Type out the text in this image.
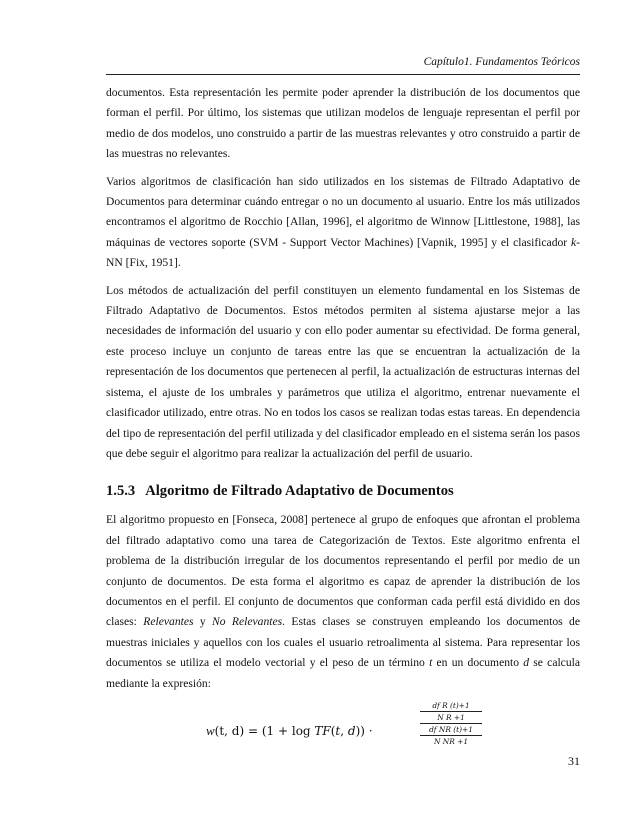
Capítulo1. Fundamentos Teóricos

documentos. Esta representación les permite poder aprender la distribución de los documentos que forman el perfil. Por último, los sistemas que utilizan modelos de lenguaje representan el perfil por medio de dos modelos, uno construido a partir de las muestras relevantes y otro construido a partir de las muestras no relevantes.

Varios algoritmos de clasificación han sido utilizados en los sistemas de Filtrado Adaptativo de Documentos para determinar cuándo entregar o no un documento al usuario. Entre los más utilizados encontramos el algoritmo de Rocchio [Allan, 1996], el algoritmo de Winnow [Littlestone, 1988], las máquinas de vectores soporte (SVM - Support Vector Machines) [Vapnik, 1995] y el clasificador k-NN [Fix, 1951].

Los métodos de actualización del perfil constituyen un elemento fundamental en los Sistemas de Filtrado Adaptativo de Documentos. Estos métodos permiten al sistema ajustarse mejor a las necesidades de información del usuario y con ello poder aumentar su efectividad. De forma general, este proceso incluye un conjunto de tareas entre las que se encuentran la actualización de la representación de los documentos que pertenecen al perfil, la actualización de estructuras internas del sistema, el ajuste de los umbrales y parámetros que utiliza el algoritmo, entrenar nuevamente el clasificador utilizado, entre otras. No en todos los casos se realizan todas estas tareas. En dependencia del tipo de representación del perfil utilizada y del clasificador empleado en el sistema serán los pasos que debe seguir el algoritmo para realizar la actualización del perfil de usuario.

1.5.3 Algoritmo de Filtrado Adaptativo de Documentos

El algoritmo propuesto en [Fonseca, 2008] pertenece al grupo de enfoques que afrontan el problema del filtrado adaptativo como una tarea de Categorización de Textos. Este algoritmo enfrenta el problema de la distribución irregular de los documentos representando el perfil por medio de un conjunto de documentos. De esta forma el algoritmo es capaz de aprender la distribución de los documentos en el perfil. El conjunto de documentos que conforman cada perfil está dividido en dos clases: Relevantes y No Relevantes. Estas clases se construyen empleando los documentos de muestras iniciales y aquellos con los cuales el usuario retroalimenta al sistema. Para representar los documentos se utiliza el modelo vectorial y el peso de un término t en un documento d se calcula mediante la expresión:

w(t, d) = (1 + log 𝑇𝐹(𝑡, 𝑑)) ·
df R (t)+1
N R +1
df NR (t)+1
N NR +1
31
